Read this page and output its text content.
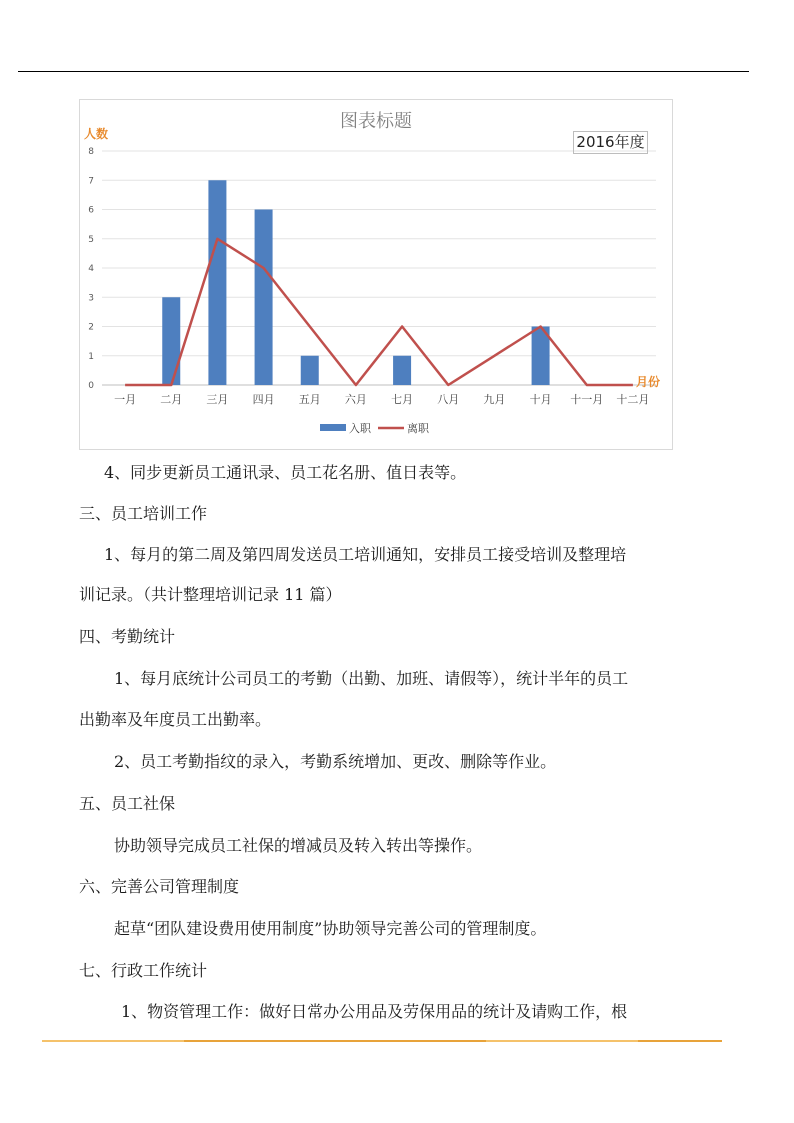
图表标题
0
1
2
3
4
5
6
7
8
人数
一月 二月 三月 四月 五月 六月 七月 八月 九月 十月 十一月 十二月
月份
入职	离职
2016年度
4、同步更新员工通讯录、员工花名册、值日表等。
三、员工培训工作
1、每月的第二周及第四周发送员工培训通知，安排员工接受培训及整理培
训记录。（共计整理培训记录 11 篇）
四、考勤统计
1、每月底统计公司员工的考勤（出勤、加班、请假等），统计半年的员工
出勤率及年度员工出勤率。
2、员工考勤指纹的录入，考勤系统增加、更改、删除等作业。
五、员工社保
协助领导完成员工社保的增减员及转入转出等操作。
六、完善公司管理制度
起草“团队建设费用使用制度”协助领导完善公司的管理制度。
七、行政工作统计
1、物资管理工作：做好日常办公用品及劳保用品的统计及请购工作，根
